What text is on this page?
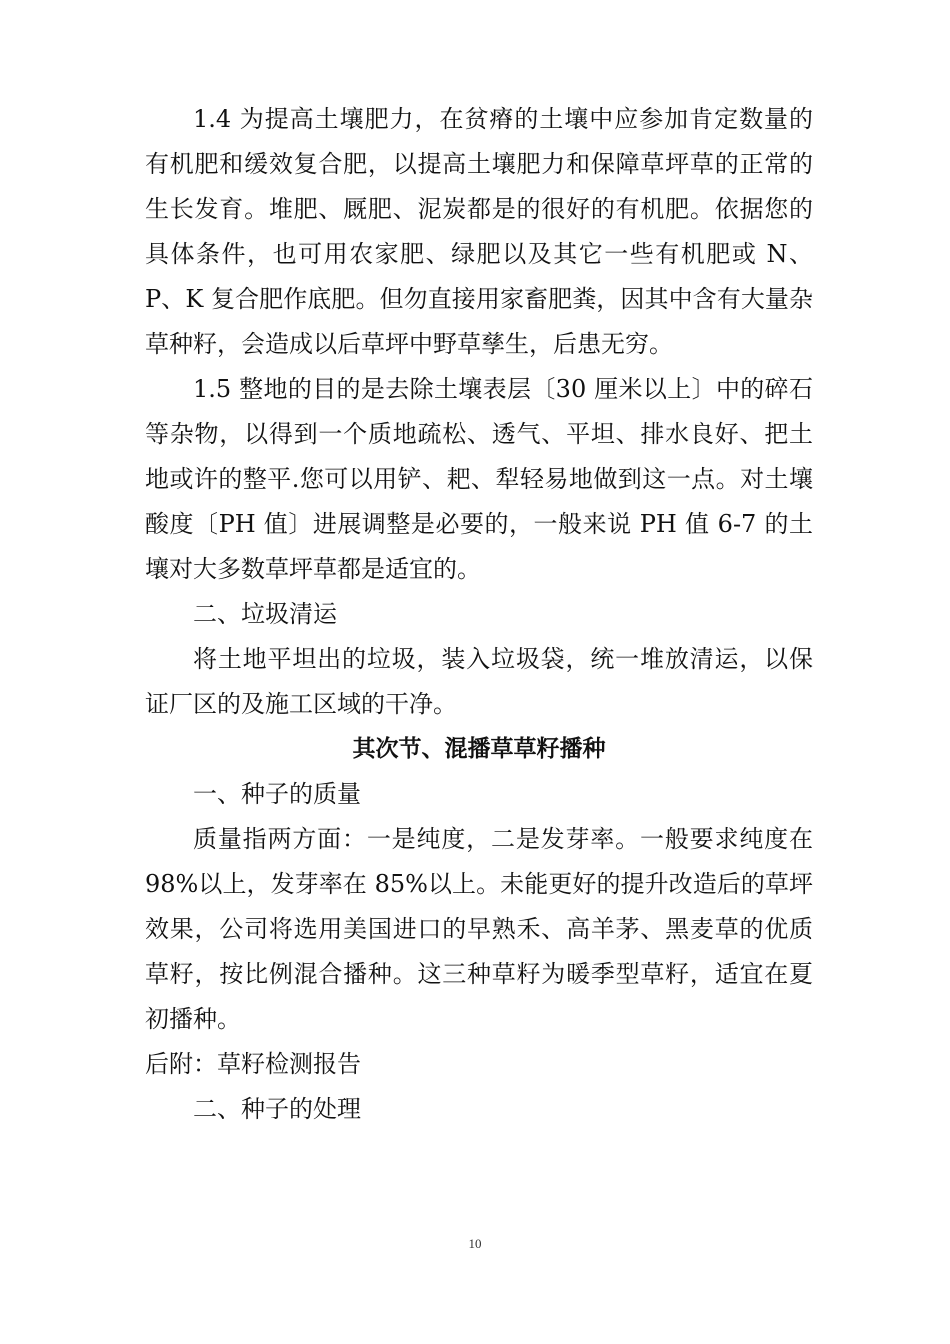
1.4 为提高土壤肥力，在贫瘠的土壤中应参加肯定数量的有机肥和缓效复合肥，以提高土壤肥力和保障草坪草的正常的生长发育。堆肥、厩肥、泥炭都是的很好的有机肥。依据您的具体条件，也可用农家肥、绿肥以及其它一些有机肥或 N、P、K 复合肥作底肥。但勿直接用家畜肥粪，因其中含有大量杂草种籽，会造成以后草坪中野草孳生，后患无穷。

1.5 整地的目的是去除土壤表层〔30 厘米以上〕中的碎石等杂物，以得到一个质地疏松、透气、平坦、排水良好、把土地或许的整平.您可以用铲、耙、犁轻易地做到这一点。对土壤酸度〔PH 值〕进展调整是必要的，一般来说 PH 值 6-7 的土壤对大多数草坪草都是适宜的。

二、垃圾清运

将土地平坦出的垃圾，装入垃圾袋，统一堆放清运，以保证厂区的及施工区域的干净。

其次节、混播草草籽播种

一、种子的质量

质量指两方面：一是纯度，二是发芽率。一般要求纯度在 98%以上，发芽率在 85%以上。未能更好的提升改造后的草坪效果，公司将选用美国进口的早熟禾、高羊茅、黑麦草的优质草籽，按比例混合播种。这三种草籽为暖季型草籽，适宜在夏初播种。

后附：草籽检测报告

二、种子的处理

10
